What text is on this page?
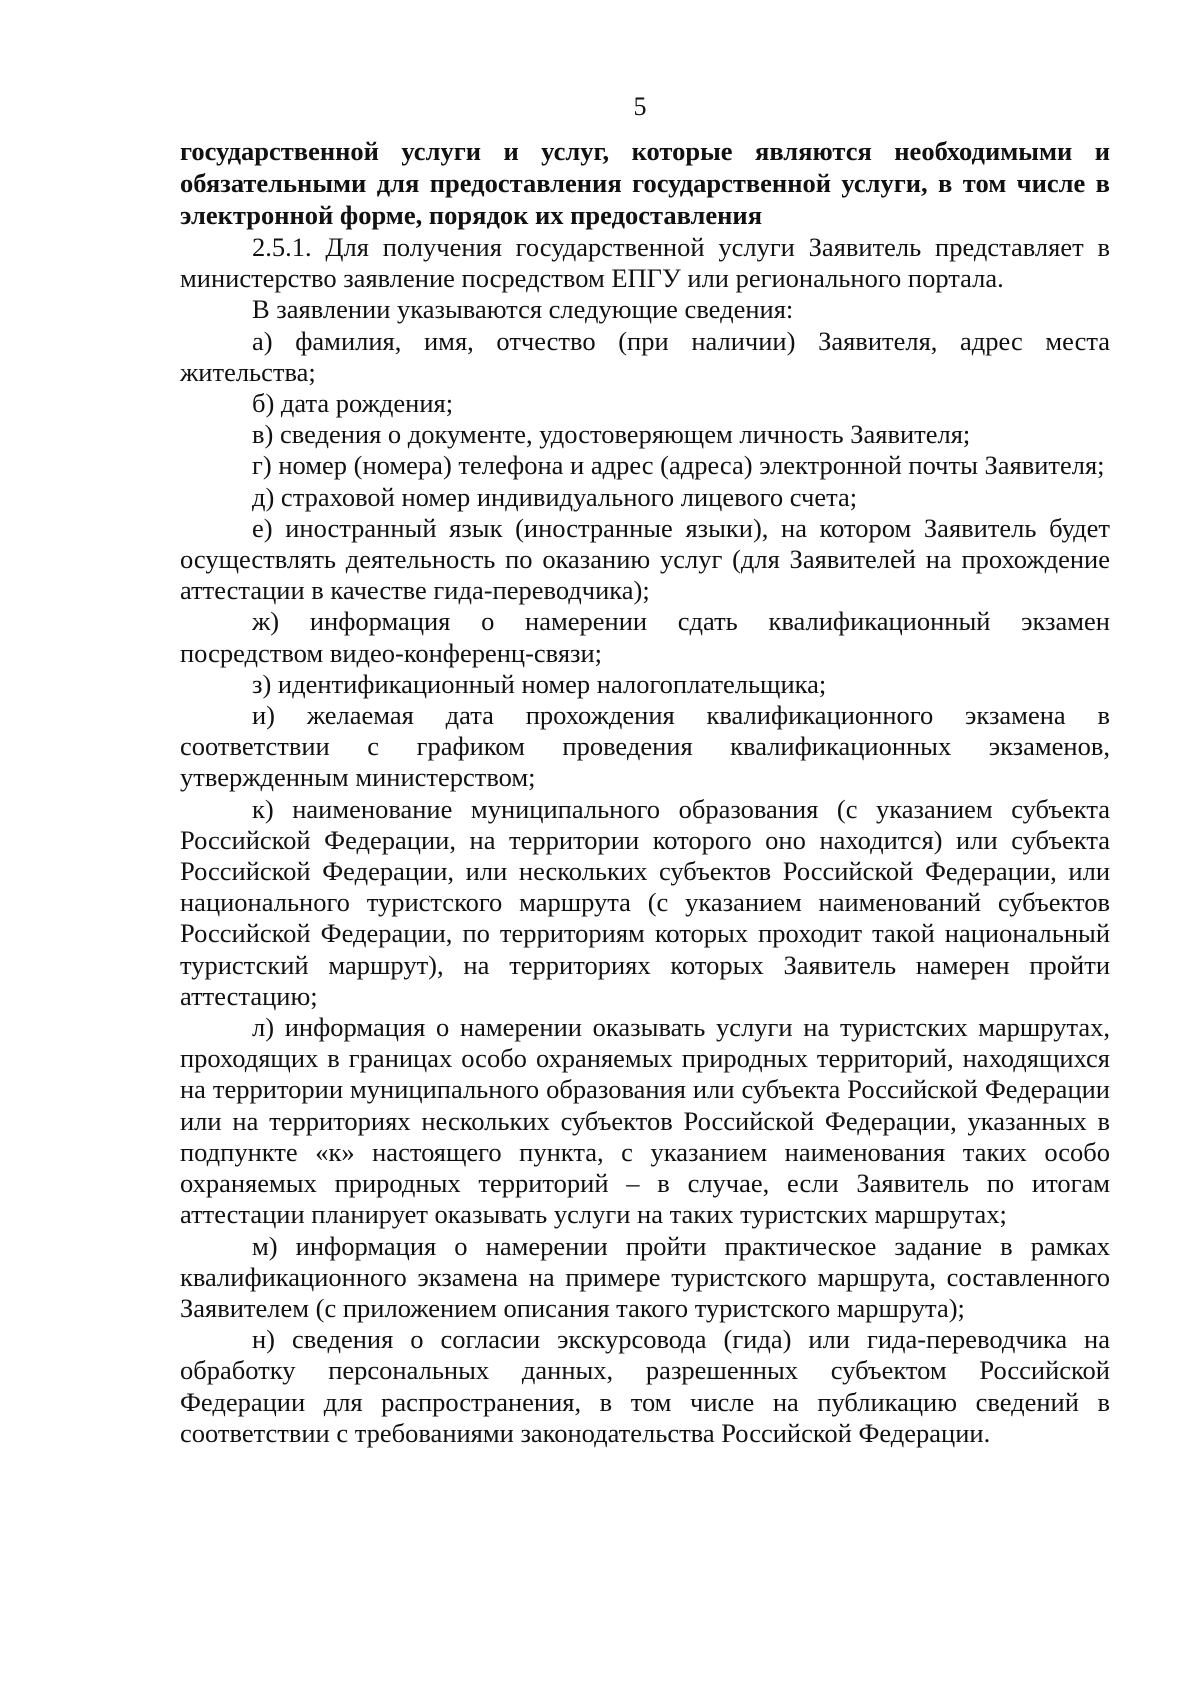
5

государственной услуги и услуг, которые являются необходимыми и обязательными для предоставления государственной услуги, в том числе в электронной форме, порядок их предоставления

2.5.1. Для получения государственной услуги Заявитель представляет в министерство заявление посредством ЕПГУ или регионального портала.

В заявлении указываются следующие сведения:

а) фамилия, имя, отчество (при наличии) Заявителя, адрес места жительства;
б) дата рождения;
в) сведения о документе, удостоверяющем личность Заявителя;
г) номер (номера) телефона и адрес (адреса) электронной почты Заявителя;
д) страховой номер индивидуального лицевого счета;
е) иностранный язык (иностранные языки), на котором Заявитель будет осуществлять деятельность по оказанию услуг (для Заявителей на прохождение аттестации в качестве гида-переводчика);
ж) информация о намерении сдать квалификационный экзамен посредством видео-конференц-связи;
з) идентификационный номер налогоплательщика;
и) желаемая дата прохождения квалификационного экзамена в соответствии с графиком проведения квалификационных экзаменов, утвержденным министерством;
к) наименование муниципального образования (с указанием субъекта Российской Федерации, на территории которого оно находится) или субъекта Российской Федерации, или нескольких субъектов Российской Федерации, или национального туристского маршрута (с указанием наименований субъектов Российской Федерации, по территориям которых проходит такой национальный туристский маршрут), на территориях которых Заявитель намерен пройти аттестацию;
л) информация о намерении оказывать услуги на туристских маршрутах, проходящих в границах особо охраняемых природных территорий, находящихся на территории муниципального образования или субъекта Российской Федерации или на территориях нескольких субъектов Российской Федерации, указанных в подпункте «к» настоящего пункта, с указанием наименования таких особо охраняемых природных территорий – в случае, если Заявитель по итогам аттестации планирует оказывать услуги на таких туристских маршрутах;
м) информация о намерении пройти практическое задание в рамках квалификационного экзамена на примере туристского маршрута, составленного Заявителем (с приложением описания такого туристского маршрута);
н) сведения о согласии экскурсовода (гида) или гида-переводчика на обработку персональных данных, разрешенных субъектом Российской Федерации для распространения, в том числе на публикацию сведений в соответствии с требованиями законодательства Российской Федерации.
